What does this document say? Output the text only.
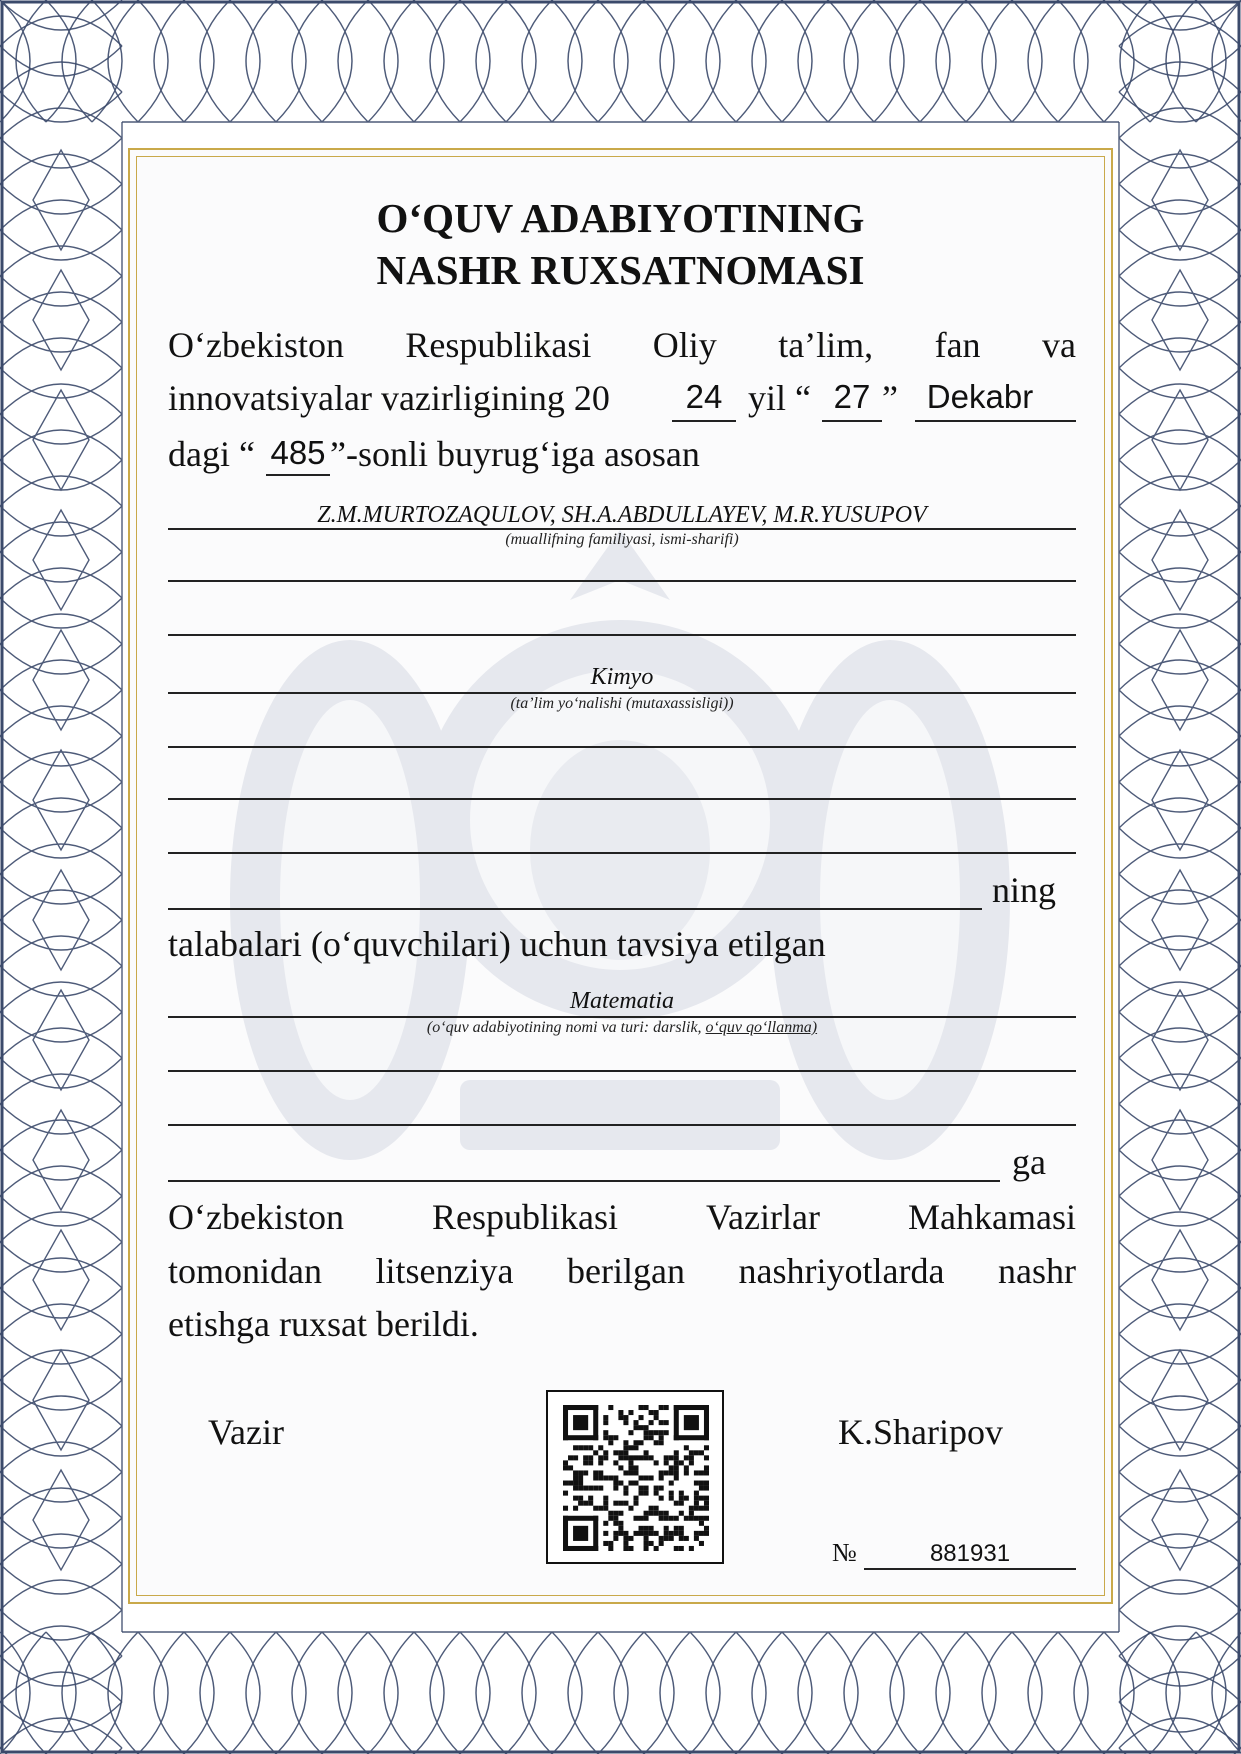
O‘QUV ADABIYOTINING
NASHR RUXSATNOMASI
O‘zbekiston Respublikasi Oliy ta’lim, fan va
innovatsiyalar vazirligining 20	24 yil “ 27 ” Dekabr
dagi “ 485 ”-sonli buyrug‘iga asosan
Z.M.MURTOZAQULOV, SH.A.ABDULLAYEV, M.R.YUSUPOV
(muallifning familiyasi, ismi-sharifi)
Kimyo
(ta’lim yo‘nalishi (mutaxassisligi))
ning
talabalari (o‘quvchilari) uchun tavsiya etilgan
Matematia
(o‘quv adabiyotining nomi va turi: darslik, o‘quv qo‘llanma)
ga
O‘zbekiston Respublikasi Vazirlar Mahkamasi
tomonidan litsenziya berilgan nashriyotlarda nashr
etishga ruxsat berildi.
Vazir	K.Sharipov
№	881931
